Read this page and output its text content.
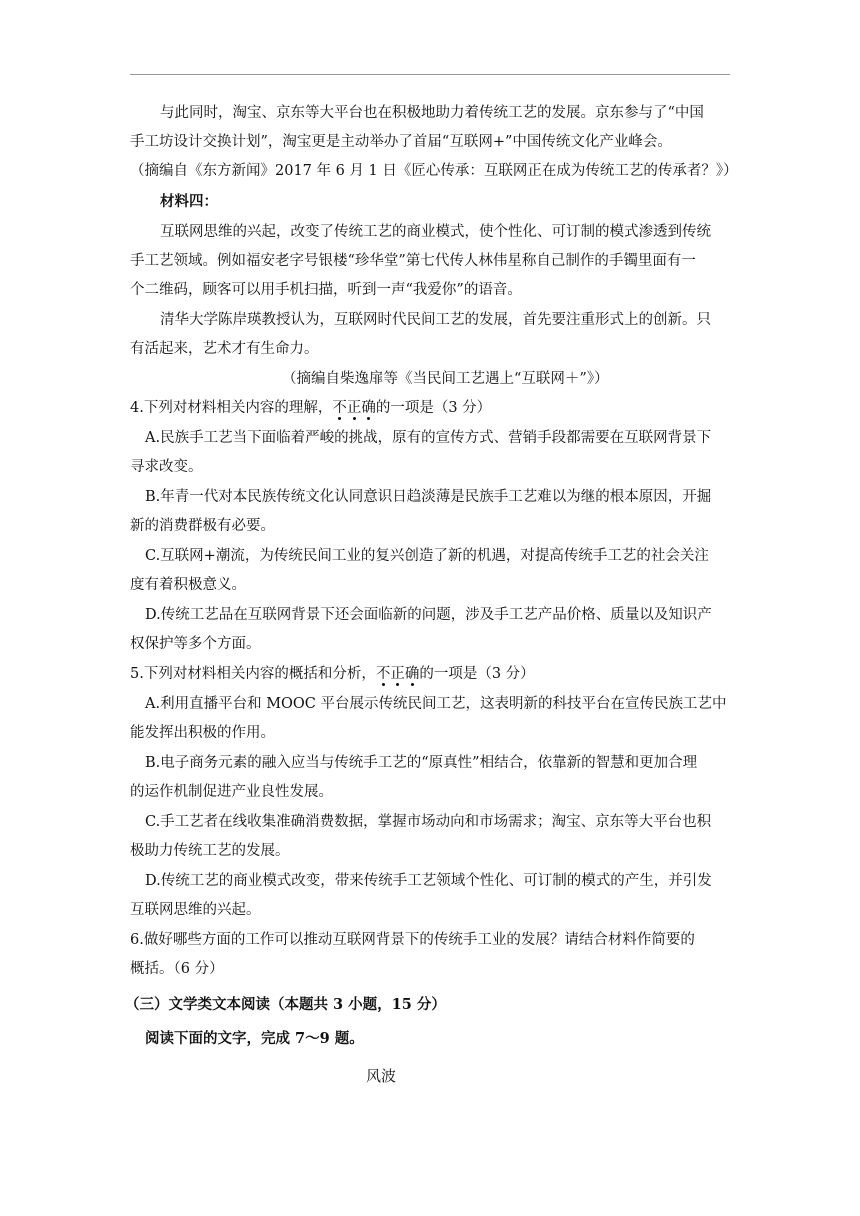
与此同时，淘宝、京东等大平台也在积极地助力着传统工艺的发展。京东参与了“中国
手工坊设计交换计划”，淘宝更是主动举办了首届“互联网+”中国传统文化产业峰会。
（摘编自《东方新闻》2017 年 6 月 1 日《匠心传承：互联网正在成为传统工艺的传承者？》）
材料四：
互联网思维的兴起，改变了传统工艺的商业模式，使个性化、可订制的模式渗透到传统
手工艺领域。例如福安老字号银楼“珍华堂”第七代传人林伟星称自己制作的手镯里面有一
个二维码，顾客可以用手机扫描，听到一声“我爱你”的语音。
清华大学陈岸瑛教授认为，互联网时代民间工艺的发展，首先要注重形式上的创新。只
有活起来，艺术才有生命力。
（摘编自柴逸扉等《当民间工艺遇上“互联网＋”》）
4.下列对材料相关内容的理解，不正确的一项是（3 分）
A.民族手工艺当下面临着严峻的挑战，原有的宣传方式、营销手段都需要在互联网背景下
寻求改变。
B.年青一代对本民族传统文化认同意识日趋淡薄是民族手工艺难以为继的根本原因，开掘
新的消费群极有必要。
C.互联网+潮流，为传统民间工业的复兴创造了新的机遇，对提高传统手工艺的社会关注
度有着积极意义。
D.传统工艺品在互联网背景下还会面临新的问题，涉及手工艺产品价格、质量以及知识产
权保护等多个方面。
5.下列对材料相关内容的概括和分析，不正确的一项是（3 分）
A.利用直播平台和 MOOC 平台展示传统民间工艺，这表明新的科技平台在宣传民族工艺中
能发挥出积极的作用。
B.电子商务元素的融入应当与传统手工艺的“原真性”相结合，依靠新的智慧和更加合理
的运作机制促进产业良性发展。
C.手工艺者在线收集准确消费数据，掌握市场动向和市场需求；淘宝、京东等大平台也积
极助力传统工艺的发展。
D.传统工艺的商业模式改变，带来传统手工艺领域个性化、可订制的模式的产生，并引发
互联网思维的兴起。
6.做好哪些方面的工作可以推动互联网背景下的传统手工业的发展？请结合材料作简要的
概括。（6 分）
（三）文学类文本阅读（本题共 3 小题，15 分）
阅读下面的文字，完成 7～9 题。
风波
